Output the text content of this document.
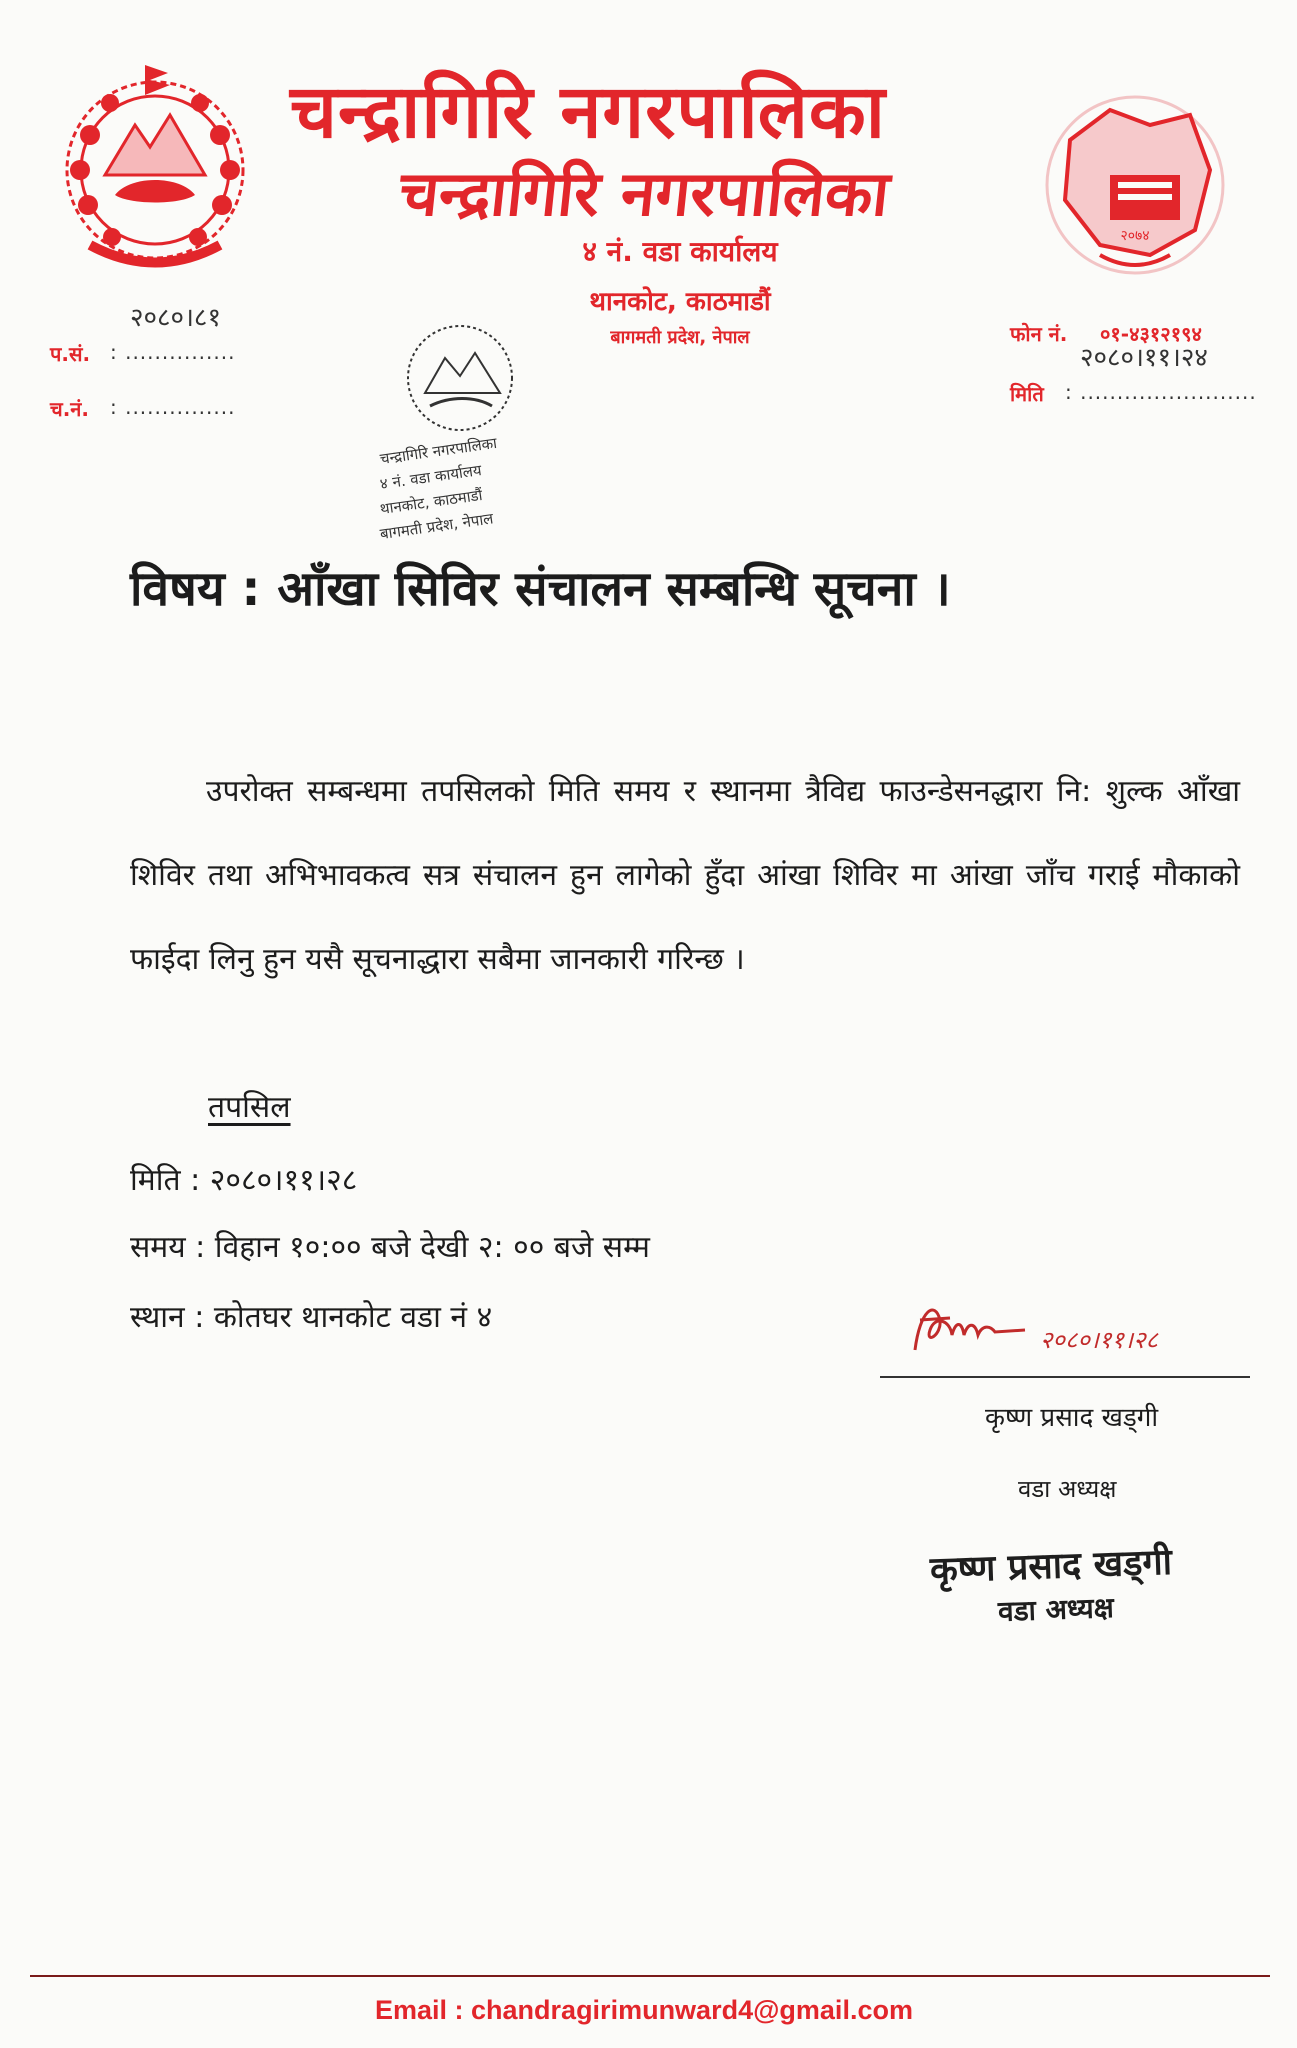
चन्द्रागिरि नगरपालिका
चन्द्रागिरि नगरपालिका
४ नं. वडा कार्यालय
थानकोट, काठमाडौं
बागमती प्रदेश, नेपाल
२०७४
२०८०।८१
प.सं. : ...............
च.नं. : ...............
फोन नं. ०१-४३१२१९४
२०८०।११।२४
मिति : ........................
चन्द्रागिरि नगरपालिका
४ नं. वडा कार्यालय
थानकोट, काठमाडौं
बागमती प्रदेश, नेपाल
विषय : आँखा सिविर संचालन सम्बन्धि सूचना ।
उपरोक्त सम्बन्धमा तपसिलको मिति समय र स्थानमा त्रैविद्य फाउन्डेसनद्धारा नि: शुल्क आँखा शिविर तथा अभिभावकत्व सत्र संचालन हुन लागेको हुँदा आंखा शिविर मा आंखा जाँच गराई मौकाको फाईदा लिनु हुन यसै सूचनाद्धारा सबैमा जानकारी गरिन्छ ।
तपसिल
मिति : २०८०।११।२८
समय : विहान १०:०० बजे देखी २: ०० बजे सम्म
स्थान : कोतघर थानकोट वडा नं ४
२०८०।११।२८
कृष्ण प्रसाद खड्गी
वडा अध्यक्ष
कृष्ण प्रसाद खड्गी
वडा अध्यक्ष
Email : chandragirimunward4@gmail.com
